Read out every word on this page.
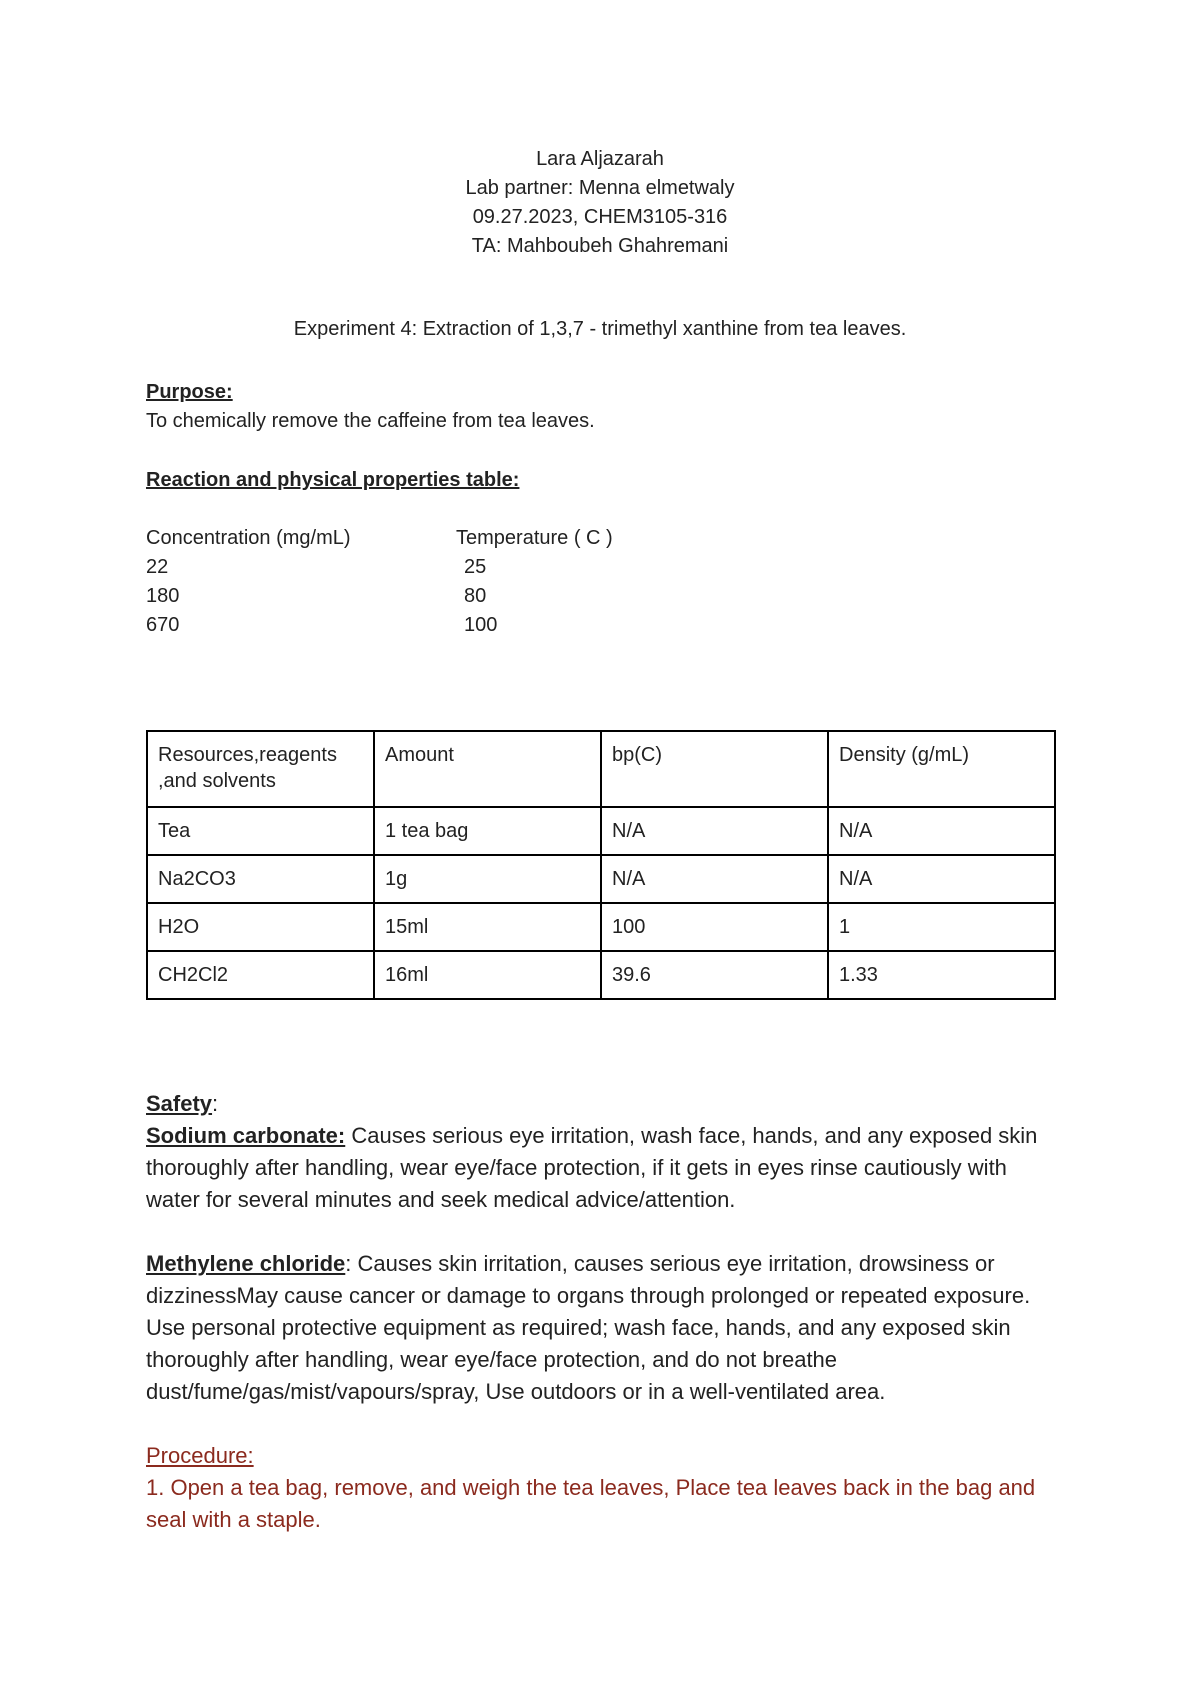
Lara Aljazarah
Lab partner: Menna elmetwaly
09.27.2023, CHEM3105-316
TA: Mahboubeh Ghahremani
Experiment 4: Extraction of 1,3,7 - trimethyl xanthine from tea leaves.
Purpose:
To chemically remove the caffeine from tea leaves.
Reaction and physical properties table:
Concentration (mg/mL)	Temperature ( C )
22	25
180	80
670	100
Resources,reagents ,and solvents	Amount	bp(C)	Density (g/mL)
Tea	1 tea bag	N/A	N/A
Na2CO3	1g	N/A	N/A
H2O	15ml	100	1
CH2Cl2	16ml	39.6	1.33

Safety:

Sodium carbonate: Causes serious eye irritation, wash face, hands, and any exposed skin thoroughly after handling, wear eye/face protection, if it gets in eyes rinse cautiously with water for several minutes and seek medical advice/attention.

Methylene chloride: Causes skin irritation, causes serious eye irritation, drowsiness or dizzinessMay cause cancer or damage to organs through prolonged or repeated exposure. Use personal protective equipment as required; wash face, hands, and any exposed skin thoroughly after handling, wear eye/face protection, and do not breathe dust/fume/gas/mist/vapours/spray, Use outdoors or in a well-ventilated area.

Procedure:

1. Open a tea bag, remove, and weigh the tea leaves, Place tea leaves back in the bag and seal with a staple.
